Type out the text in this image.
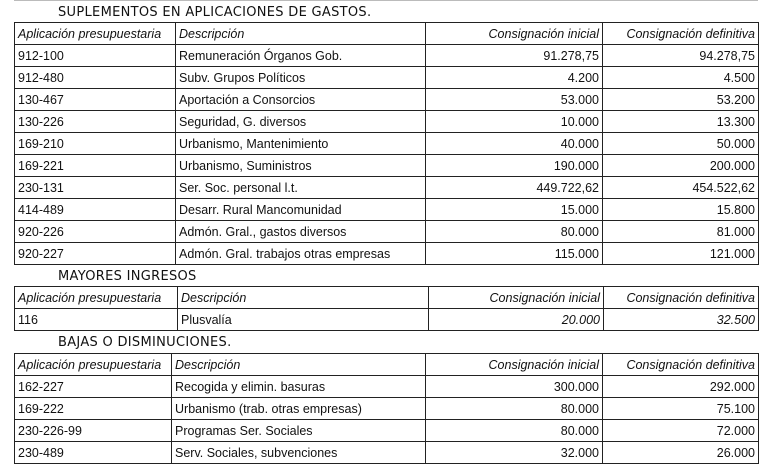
SUPLEMENTOS EN APLICACIONES DE GASTOS.
Aplicación presupuestaria	Descripción	Consignación inicial	Consignación definitiva
912-100	Remuneración Órganos Gob.	91.278,75	94.278,75
912-480	Subv. Grupos Políticos	4.200	4.500
130-467	Aportación a Consorcios	53.000	53.200
130-226	Seguridad, G. diversos	10.000	13.300
169-210	Urbanismo, Mantenimiento	40.000	50.000
169-221	Urbanismo, Suministros	190.000	200.000
230-131	Ser. Soc. personal l.t.	449.722,62	454.522,62
414-489	Desarr. Rural Mancomunidad	15.000	15.800
920-226	Admón. Gral., gastos diversos	80.000	81.000
920-227	Admón. Gral. trabajos otras empresas	115.000	121.000
MAYORES INGRESOS
Aplicación presupuestaria	Descripción	Consignación inicial	Consignación definitiva
116	Plusvalía	20.000	32.500
BAJAS O DISMINUCIONES.
Aplicación presupuestaria	Descripción	Consignación inicial	Consignación definitiva
162-227	Recogida y elimin. basuras	300.000	292.000
169-222	Urbanismo (trab. otras empresas)	80.000	75.100
230-226-99	Programas Ser. Sociales	80.000	72.000
230-489	Serv. Sociales, subvenciones	32.000	26.000
